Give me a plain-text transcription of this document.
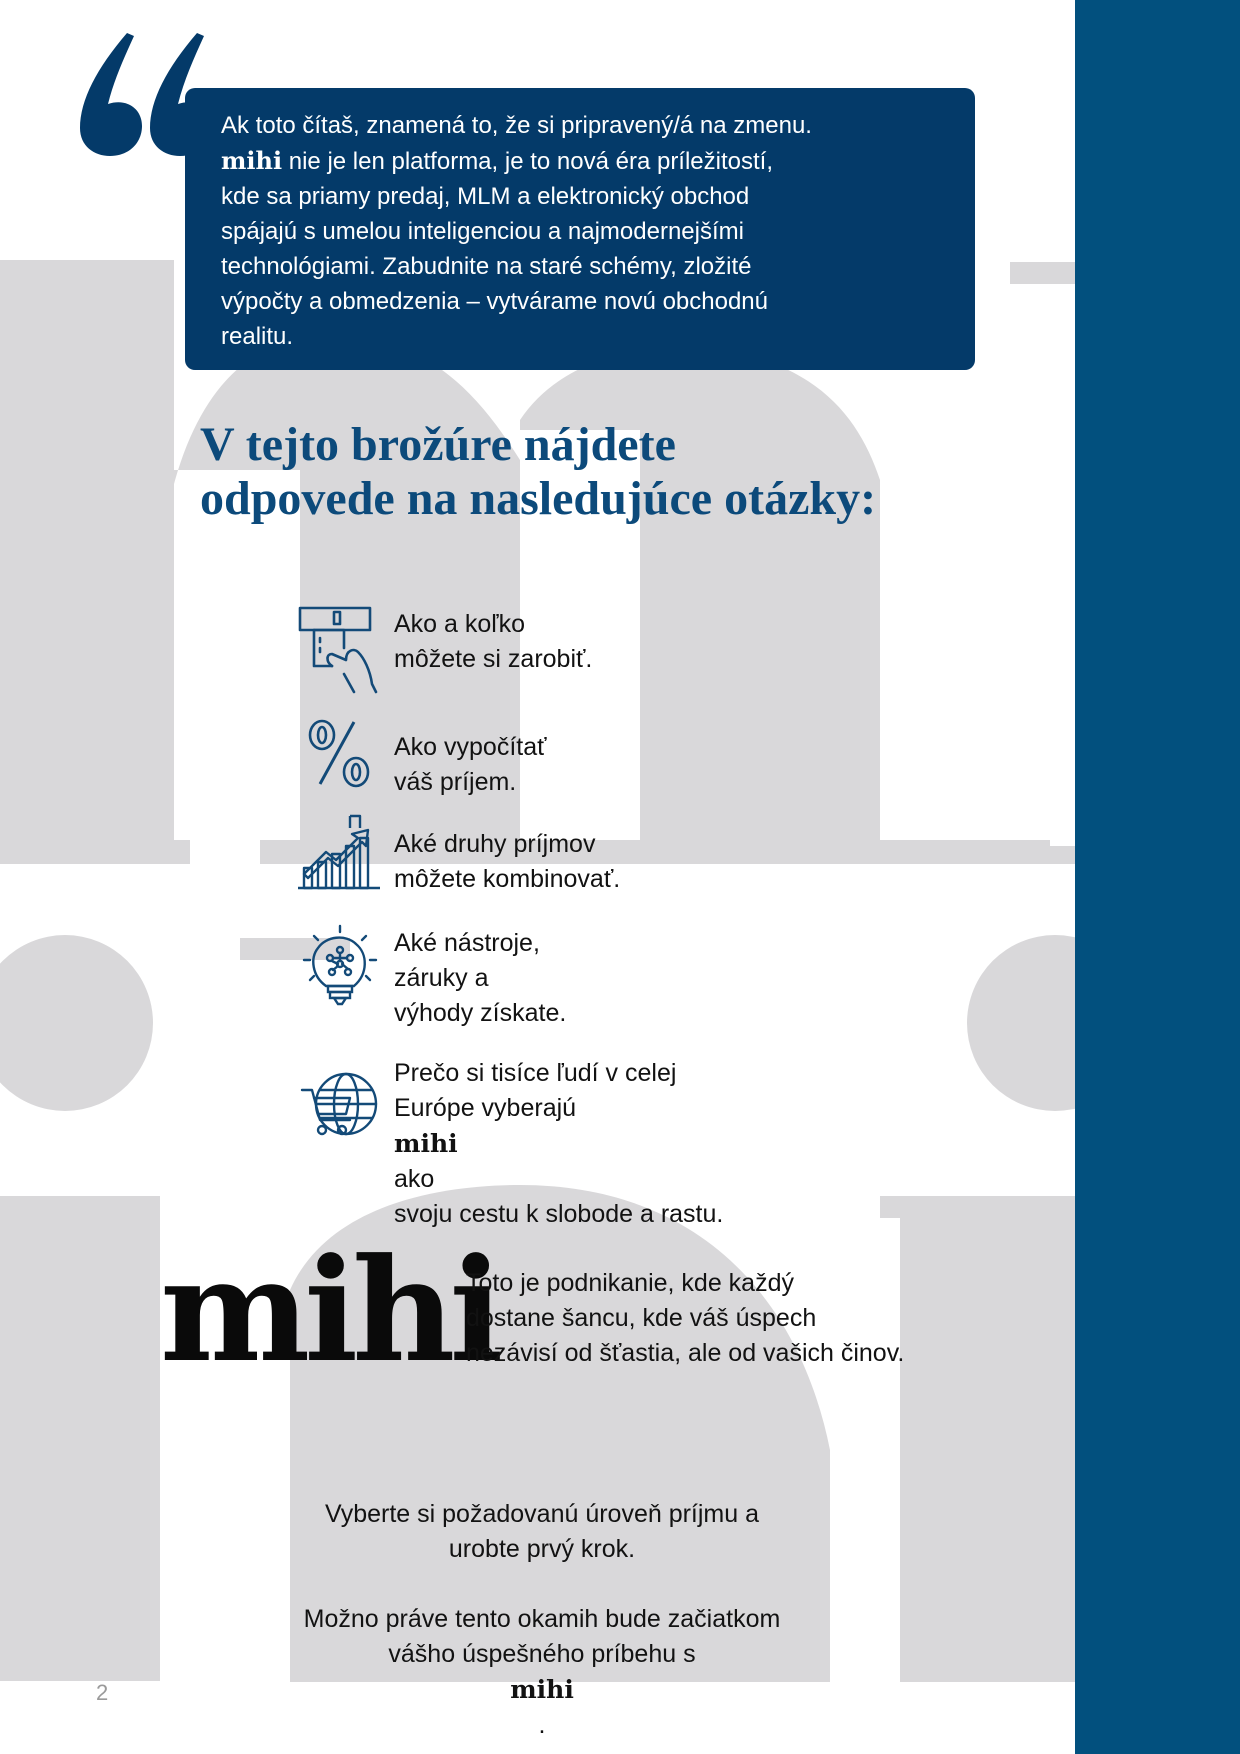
Ak toto čítaš, znamená to, že si pripravený/á na zmenu.
mihi nie je len platforma, je to nová éra príležitostí,
kde sa priamy predaj, MLM a elektronický obchod
spájajú s umelou inteligenciou a najmodernejšími
technológiami. Zabudnite na staré schémy, zložité
výpočty a obmedzenia – vytvárame novú obchodnú
realitu.

V tejto brožúre nájdete
odpovede na nasledujúce otázky:

Ako a koľko
môžete si zarobiť.

Ako vypočítať
váš príjem.

Aké druhy príjmov
môžete kombinovať.

Aké nástroje,
záruky a
výhody získate.

Prečo si tisíce ľudí v celej
Európe vyberajú
mihi
ako
svoju cestu k slobode a rastu.

mihi

Toto je podnikanie, kde každý
dostane šancu, kde váš úspech
nezávisí od šťastia, ale od vašich činov.

Vyberte si požadovanú úroveň príjmu a
urobte prvý krok.

Možno práve tento okamih bude začiatkom
vášho úspešného príbehu s
mihi
.

2
